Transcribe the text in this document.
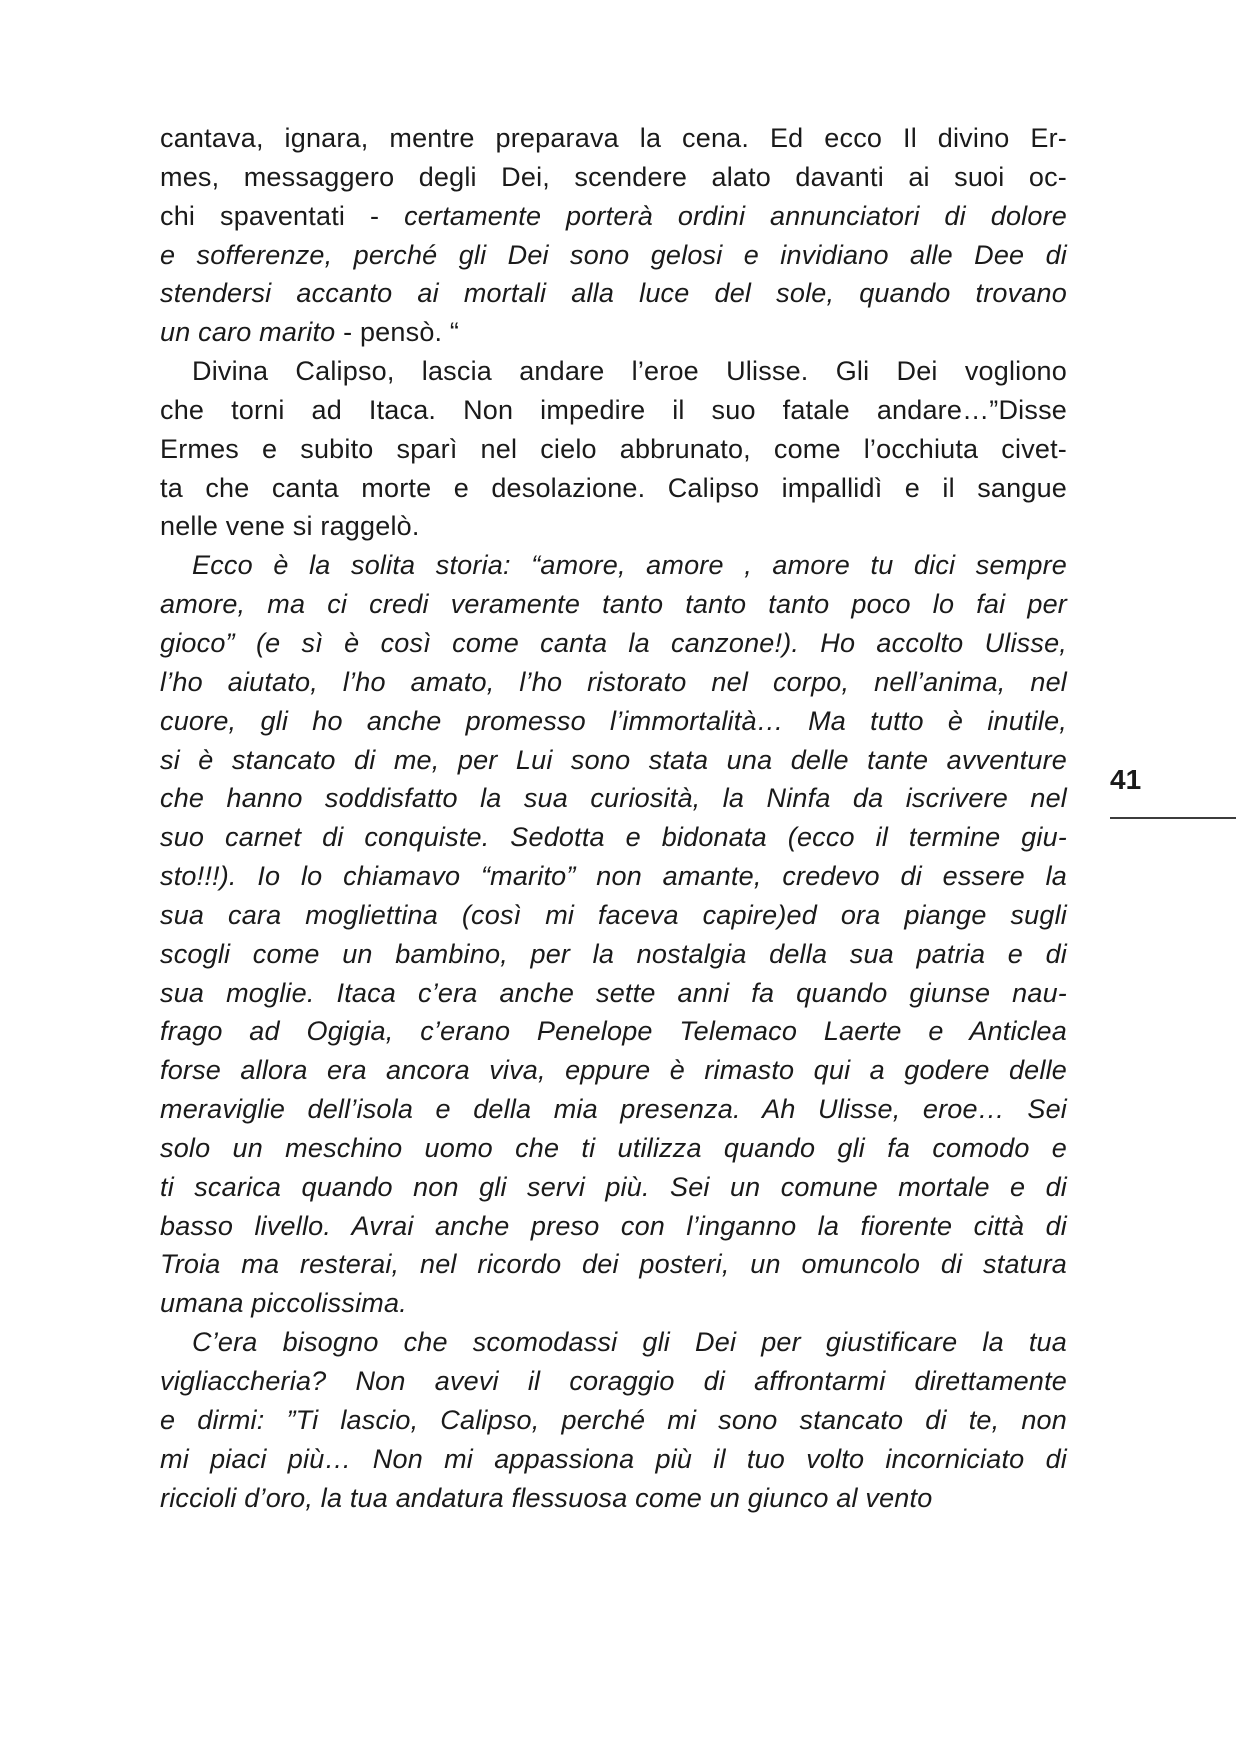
cantava, ignara, mentre preparava la cena. Ed ecco Il divino Er-
mes, messaggero degli Dei, scendere alato davanti ai suoi oc-
chi spaventati - certamente porterà ordini annunciatori di dolore
e sofferenze, perché gli Dei sono gelosi e invidiano alle Dee di
stendersi accanto ai mortali alla luce del sole, quando trovano
un caro marito - pensò. “
Divina Calipso, lascia andare l’eroe Ulisse. Gli Dei vogliono
che torni ad Itaca. Non impedire il suo fatale andare…”Disse
Ermes e subito sparì nel cielo abbrunato, come l’occhiuta civet-
ta che canta morte e desolazione. Calipso impallidì e il sangue
nelle vene si raggelò.
Ecco è la solita storia: “amore, amore , amore tu dici sempre
amore, ma ci credi veramente tanto tanto tanto poco lo fai per
gioco” (e sì è così come canta la canzone!). Ho accolto Ulisse,
l’ho aiutato, l’ho amato, l’ho ristorato nel corpo, nell’anima, nel
cuore, gli ho anche promesso l’immortalità… Ma tutto è inutile,
si è stancato di me, per Lui sono stata una delle tante avventure
che hanno soddisfatto la sua curiosità, la Ninfa da iscrivere nel
suo carnet di conquiste. Sedotta e bidonata (ecco il termine giu-
sto!!!). Io lo chiamavo “marito” non amante, credevo di essere la
sua cara mogliettina (così mi faceva capire)ed ora piange sugli
scogli come un bambino, per la nostalgia della sua patria e di
sua moglie. Itaca c’era anche sette anni fa quando giunse nau-
frago ad Ogigia, c’erano Penelope Telemaco Laerte e Anticlea
forse allora era ancora viva, eppure è rimasto qui a godere delle
meraviglie dell’isola e della mia presenza. Ah Ulisse, eroe… Sei
solo un meschino uomo che ti utilizza quando gli fa comodo e
ti scarica quando non gli servi più. Sei un comune mortale e di
basso livello. Avrai anche preso con l’inganno la fiorente città di
Troia ma resterai, nel ricordo dei posteri, un omuncolo di statura
umana piccolissima.
C’era bisogno che scomodassi gli Dei per giustificare la tua
vigliaccheria? Non avevi il coraggio di affrontarmi direttamente
e dirmi: ”Ti lascio, Calipso, perché mi sono stancato di te, non
mi piaci più… Non mi appassiona più il tuo volto incorniciato di
riccioli d’oro, la tua andatura flessuosa come un giunco al vento
41
